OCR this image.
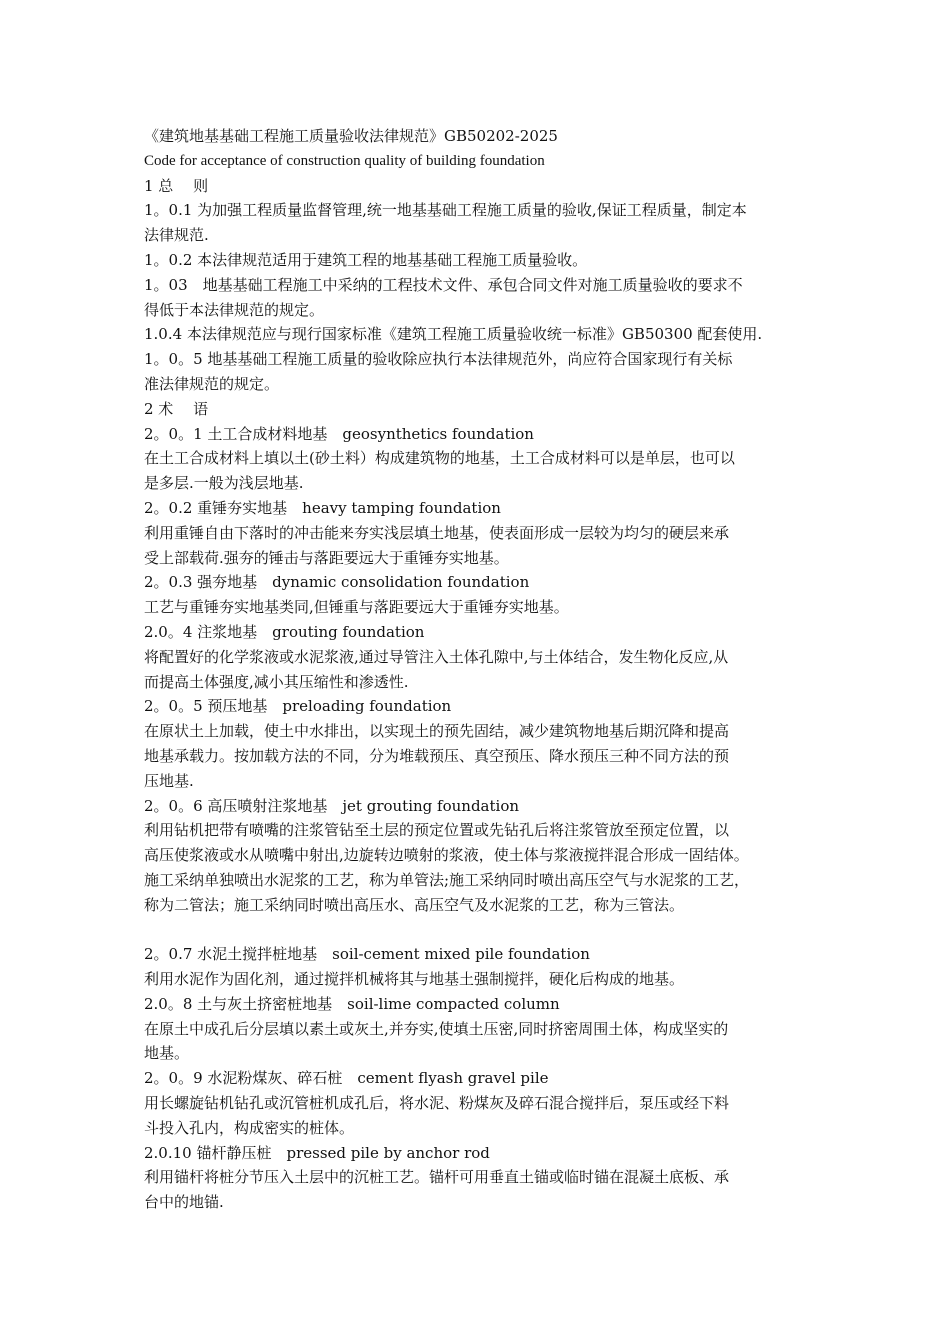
《建筑地基基础工程施工质量验收法律规范》GB50202-2025

Code for acceptance of construction quality of building foundation

1 总　 则

1。0.1 为加强工程质量监督管理,统一地基基础工程施工质量的验收,保证工程质量，制定本

法律规范.

1。0.2 本法律规范适用于建筑工程的地基基础工程施工质量验收。

1。03　地基基础工程施工中采纳的工程技术文件、承包合同文件对施工质量验收的要求不

得低于本法律规范的规定。

1.0.4 本法律规范应与现行国家标准《建筑工程施工质量验收统一标准》GB50300 配套使用.

1。0。5 地基基础工程施工质量的验收除应执行本法律规范外，尚应符合国家现行有关标

准法律规范的规定。

2 术　 语

2。0。1 土工合成材料地基　geosynthetics foundation

在土工合成材料上填以土(砂土料）构成建筑物的地基，土工合成材料可以是单层，也可以

是多层.一般为浅层地基.

2。0.2 重锤夯实地基　heavy tamping foundation

利用重锤自由下落时的冲击能来夯实浅层填土地基，使表面形成一层较为均匀的硬层来承

受上部载荷.强夯的锤击与落距要远大于重锤夯实地基。

2。0.3 强夯地基　dynamic consolidation foundation

工艺与重锤夯实地基类同,但锤重与落距要远大于重锤夯实地基。

2.0。4 注浆地基　grouting foundation

将配置好的化学浆液或水泥浆液,通过导管注入土体孔隙中,与土体结合，发生物化反应,从

而提高土体强度,减小其压缩性和渗透性.

2。0。5 预压地基　preloading foundation

在原状土上加载，使土中水排出，以实现土的预先固结，减少建筑物地基后期沉降和提高

地基承载力。按加载方法的不同，分为堆载预压、真空预压、降水预压三种不同方法的预

压地基.

2。0。6 高压喷射注浆地基　jet grouting foundation

利用钻机把带有喷嘴的注浆管钻至土层的预定位置或先钻孔后将注浆管放至预定位置，以

高压使浆液或水从喷嘴中射出,边旋转边喷射的浆液，使土体与浆液搅拌混合形成一固结体。

施工采纳单独喷出水泥浆的工艺，称为单管法;施工采纳同时喷出高压空气与水泥浆的工艺，

称为二管法；施工采纳同时喷出高压水、高压空气及水泥浆的工艺，称为三管法。

2。0.7 水泥土搅拌桩地基　soil-cement mixed pile foundation

利用水泥作为固化剂，通过搅拌机械将其与地基土强制搅拌，硬化后构成的地基。

2.0。8 土与灰土挤密桩地基　soil-lime compacted column

在原土中成孔后分层填以素土或灰土,并夯实,使填土压密,同时挤密周围土体，构成坚实的

地基。

2。0。9 水泥粉煤灰、碎石桩　cement flyash gravel pile

用长螺旋钻机钻孔或沉管桩机成孔后，将水泥、粉煤灰及碎石混合搅拌后，泵压或经下料

斗投入孔内，构成密实的桩体。

2.0.10 锚杆静压桩　pressed pile by anchor rod

利用锚杆将桩分节压入土层中的沉桩工艺。锚杆可用垂直土锚或临时锚在混凝土底板、承

台中的地锚.
